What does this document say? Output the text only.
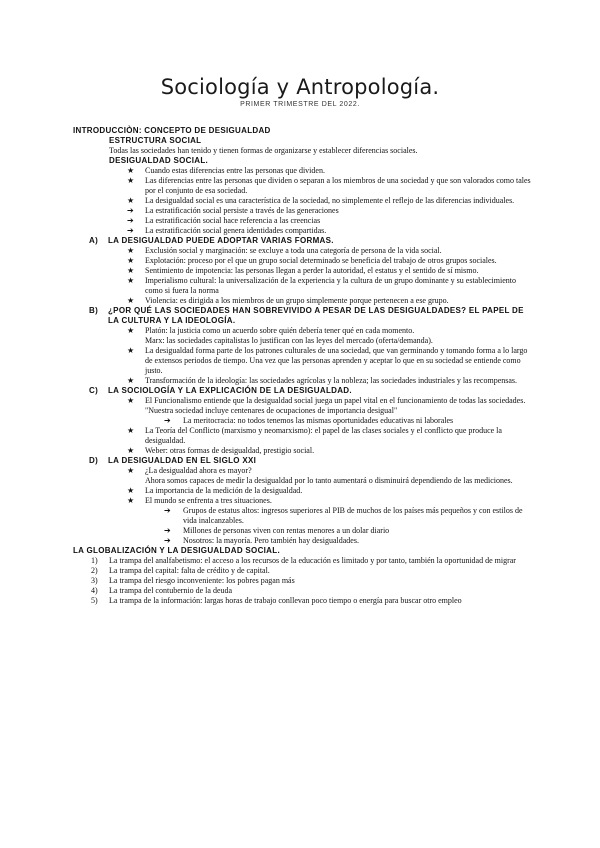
Sociología y Antropología.
PRIMER TRIMESTRE DEL 2022.
INTRODUCCIÒN: CONCEPTO DE DESIGUALDAD
ESTRUCTURA SOCIAL
Todas las sociedades han tenido y tienen formas de organizarse y establecer diferencias sociales.
DESIGUALDAD SOCIAL.
★ Cuando estas diferencias entre las personas que dividen.
★ Las diferencias entre las personas que dividen o separan a los miembros de una sociedad y que son valorados como tales por el conjunto de esa sociedad.
★ La desigualdad social es una característica de la sociedad, no simplemente el reflejo de las diferencias individuales.
➔ La estratificación social persiste a través de las generaciones
➔ La estratificación social hace referencia a las creencias
➔ La estratificación social genera identidades compartidas.
A) LA DESIGUALDAD PUEDE ADOPTAR VARIAS FORMAS.
★ Exclusión social y marginación: se excluye a toda una categoría de persona de la vida social.
★ Explotación: proceso por el que un grupo social determinado se beneficia del trabajo de otros grupos sociales.
★ Sentimiento de impotencia: las personas llegan a perder la autoridad, el estatus y el sentido de sí mismo.
★ Imperialismo cultural: la universalización de la experiencia y la cultura de un grupo dominante y su establecimiento como si fuera la norma
★ Violencia: es dirigida a los miembros de un grupo simplemente porque pertenecen a ese grupo.
B) ¿POR QUÉ LAS SOCIEDADES HAN SOBREVIVIDO A PESAR DE LAS DESIGUALDADES? EL PAPEL DE LA CULTURA Y LA IDEOLOGÍA.
★ Platón: la justicia como un acuerdo sobre quién debería tener qué en cada momento.
Marx: las sociedades capitalistas lo justifican con las leyes del mercado (oferta/demanda).
★ La desigualdad forma parte de los patrones culturales de una sociedad, que van germinando y tomando forma a lo largo de extensos periodos de tiempo. Una vez que las personas aprenden y aceptar lo que en su sociedad se entiende como justo.
★ Transformación de la ideología: las sociedades agrícolas y la nobleza; las sociedades industriales y las recompensas.
C) LA SOCIOLOGÍA Y LA EXPLICACIÓN DE LA DESIGUALDAD.
★ El Funcionalismo entiende que la desigualdad social juega un papel vital en el funcionamiento de todas las sociedades. "Nuestra sociedad incluye centenares de ocupaciones de importancia desigual"
➔ La meritocracia: no todos tenemos las mismas oportunidades educativas ni laborales
★ La Teoría del Conflicto (marxismo y neomarxismo): el papel de las clases sociales y el conflicto que produce la desigualdad.
★ Weber: otras formas de desigualdad, prestigio social.
D) LA DESIGUALDAD EN EL SIGLO XXI
★ ¿La desigualdad ahora es mayor?
Ahora somos capaces de medir la desigualdad por lo tanto aumentará o disminuirá dependiendo de las mediciones.
★ La importancia de la medición de la desigualdad.
★ El mundo se enfrenta a tres situaciones.
➔ Grupos de estatus altos: ingresos superiores al PIB de muchos de los países más pequeños y con estilos de vida inalcanzables.
➔ Millones de personas viven con rentas menores a un dolar diario
➔ Nosotros: la mayoría. Pero también hay desigualdades.
LA GLOBALIZACIÓN Y LA DESIGUALDAD SOCIAL.
1) La trampa del analfabetismo: el acceso a los recursos de la educación es limitado y por tanto, también la oportunidad de migrar
2) La trampa del capital: falta de crédito y de capital.
3) La trampa del riesgo inconveniente: los pobres pagan más
4) La trampa del contubernio de la deuda
5) La trampa de la información: largas horas de trabajo conllevan poco tiempo o energía para buscar otro empleo
